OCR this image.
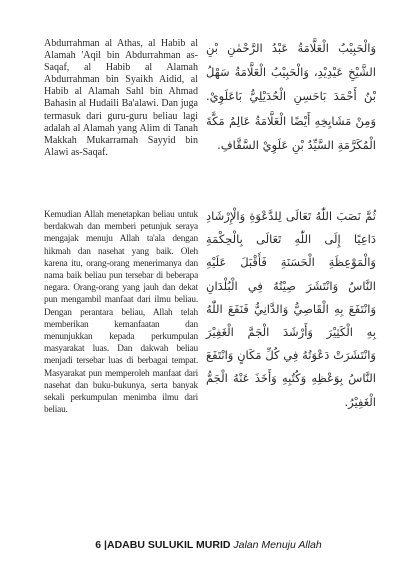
Abdurrahman al Athas, al Habib al Alamah 'Aqil bin Abdurrahman as-Saqaf, al Habib al Alamah Abdurrahman bin Syaikh Aidid, al Habib al Alamah Sahl bin Ahmad Bahasin al Hudaili Ba'alawi. Dan juga termasuk dari guru-guru beliau lagi adalah al Alamah yang Alim di Tanah Makkah Mukarramah Sayyid bin Alawi as-Saqaf.

وَالْحَبِيْبُ الْعَلَّامَةُ عَبْدُ الرَّحْمٰنِ بْنِ الشَّيْخِ عَيْدِيْدِ، وَالْحَبِيْبُ الْعَلَّامَةُ سَهْلُ بْنُ أَحْمَدَ بَاحَسِنِ الْحُدَيْلِيُّ بَاعَلَوِيْ. وَمِنْ مَشَايِخِهِ أَيْضًا الْعَلَّامَةُ عَالِمُ مَكَّةَ الْمُكَرَّمَةِ السَّيِّدُ بْنِ عَلَوِيْ السَّقَّافِ.

Kemudian Allah menetapkan beliau untuk berdakwah dan memberi petunjuk seraya mengajak menuju Allah ta'ala dengan hikmah dan nasehat yang baik. Oleh karena itu, orang-orang menerimanya dan nama baik beliau pun tersebar di beberapa negara. Orang-orang yang jauh dan dekat pun mengambil manfaat dari ilmu beliau. Dengan perantara beliau, Allah telah memberikan kemanfaatan dan menunjukkan kepada perkumpulan masyarakat luas. Dan dakwah beliau menjadi tersebar luas di berbagai tempat. Masyarakat pun memperoleh manfaat dari nasehat dan buku-bukunya, serta banyak sekali perkumpulan menimba ilmu dari beliau.

ثُمَّ نَصَبَ اللّٰهُ تَعَالَى لِلدَّعْوَةِ وَالْإِرْشَادِ دَاعِيًا إِلَى اللّٰهِ تَعَالَى بِالْحِكْمَةِ وَالْمَوْعِظَةِ الْحَسَنَةِ فَأَقْبَلَ عَلَيْهِ النَّاسُ وَانْتَشَرَ صِيْتُهُ فِي الْبُلْدَانِ وَانْتَفَعَ بِهِ الْقَاصِيُّ وَالدَّانِيُّ فَنَفَعَ اللّٰهُ بِهِ الْكَثِيْرَ وَأَرْشَدَ الْجَمَّ الْغَفِيْرَ وَانْتَشَرَتْ دَعْوَتُهُ فِي كُلِّ مَكَانٍ وَانْتَفَعَ النَّاسُ بِوَعْظِهِ وَكُتُبِهِ وَأَخَذَ عَنْهُ الْجَمُّ الْغَفِيْرُ.

6 |ADABU SULUKIL MURID Jalan Menuju Allah
